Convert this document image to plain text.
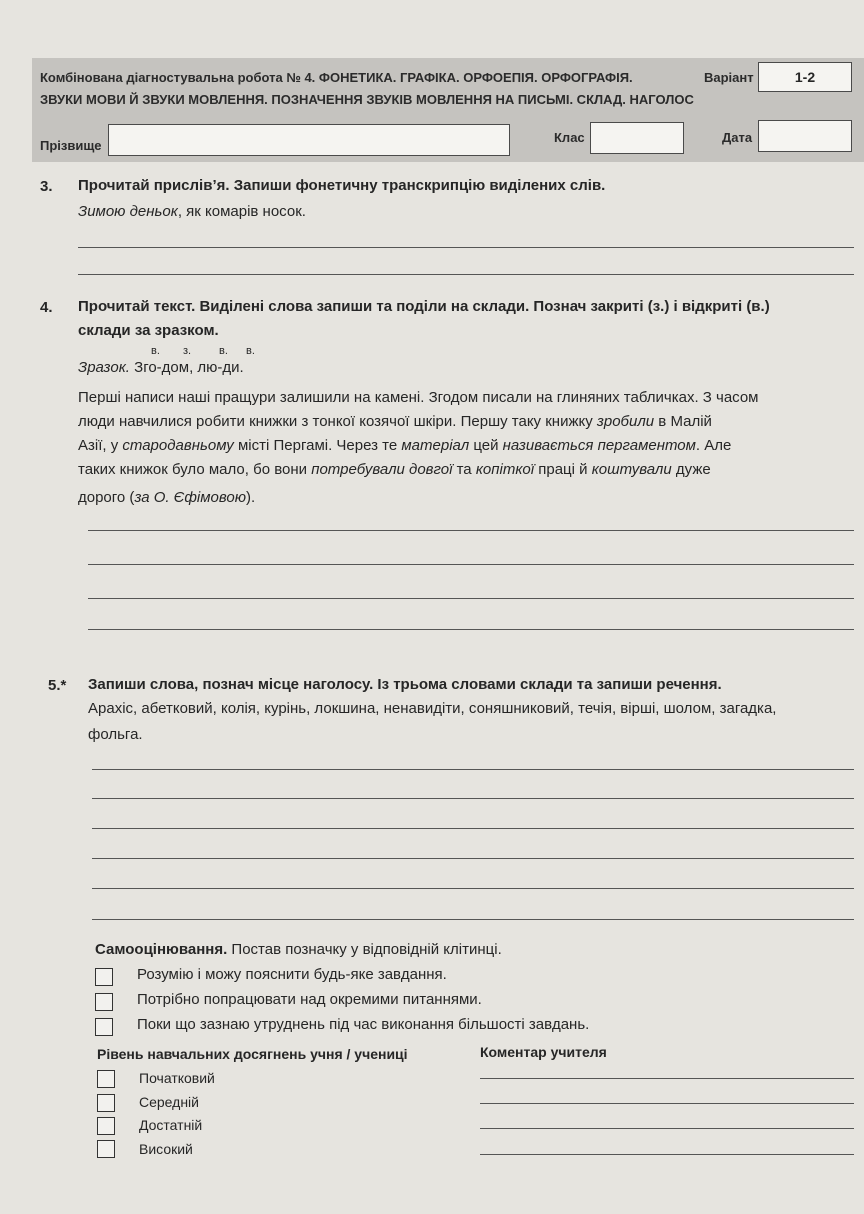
Комбінована діагностувальна робота № 4. ФОНЕТИКА. ГРАФІКА. ОРФОЕПІЯ. ОРФОГРАФІЯ.
ЗВУКИ МОВИ Й ЗВУКИ МОВЛЕННЯ. ПОЗНАЧЕННЯ ЗВУКІВ МОВЛЕННЯ НА ПИСЬМІ. СКЛАД. НАГОЛОС
Варіант	1-2
Прізвище
Клас	Дата
3. Прочитай прислів’я. Запиши фонетичну транскрипцію виділених слів.
Зимою деньок, як комарів носок.
4. Прочитай текст. Виділені слова запиши та поділи на склади. Познач закриті (з.) і відкриті (в.)
склади за зразком.
в. з.	в. в.
Зразок. Зго-дом, лю-ди.
Перші написи наші пращури залишили на камені. Згодом писали на глиняних табличках. З часом
люди навчилися робити книжки з тонкої козячої шкіри. Першу таку книжку зробили в Малій
Азії, у стародавньому місті Пергамі. Через те матеріал цей називається пергаментом. Але
таких книжок було мало, бо вони потребували довгої та копіткої праці й коштували дуже
дорого (за О. Єфімовою).
5.* Запиши слова, познач місце наголосу. Із трьома словами склади та запиши речення.
Арахіс, абетковий, колія, курінь, локшина, ненавидіти, соняшниковий, течія, вірші, шолом, загадка,
фольга.
Самооцінювання. Постав позначку у відповідній клітинці.
Розумію і можу пояснити будь-яке завдання.
Потрібно попрацювати над окремими питаннями.
Поки що зазнаю утруднень під час виконання більшості завдань.
Рівень навчальних досягнень учня / учениці
Початковий
Середній
Достатній
Високий
Коментар учителя
